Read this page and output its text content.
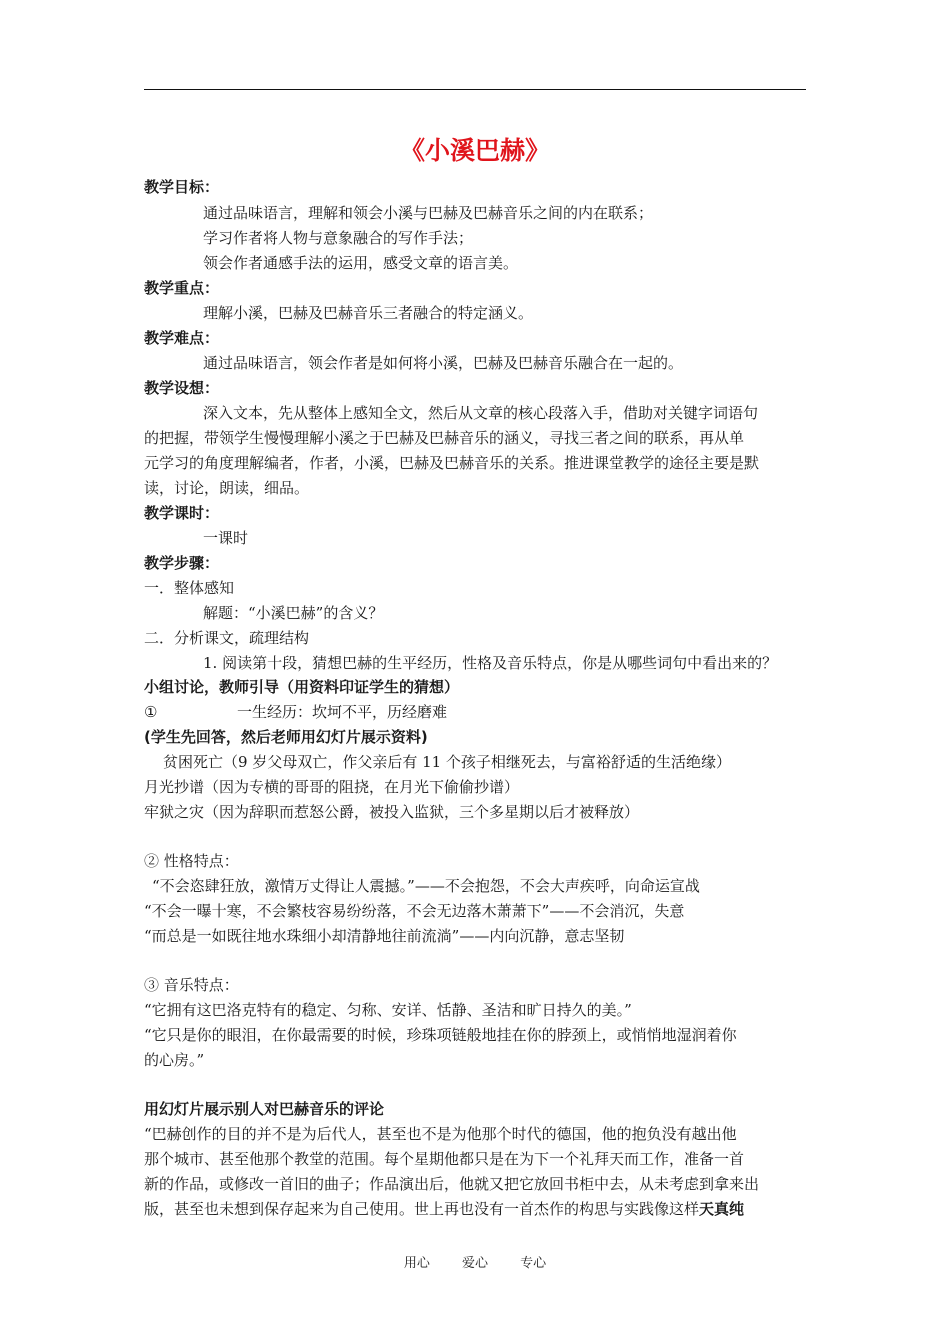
《小溪巴赫》
教学目标：
通过品味语言，理解和领会小溪与巴赫及巴赫音乐之间的内在联系；
学习作者将人物与意象融合的写作手法；
领会作者通感手法的运用，感受文章的语言美。
教学重点：
理解小溪，巴赫及巴赫音乐三者融合的特定涵义。
教学难点：
通过品味语言，领会作者是如何将小溪，巴赫及巴赫音乐融合在一起的。
教学设想：
深入文本，先从整体上感知全文，然后从文章的核心段落入手，借助对关键字词语句
的把握，带领学生慢慢理解小溪之于巴赫及巴赫音乐的涵义，寻找三者之间的联系，再从单
元学习的角度理解编者，作者，小溪，巴赫及巴赫音乐的关系。推进课堂教学的途径主要是默
读，讨论，朗读，细品。
教学课时：
一课时
教学步骤：
一．整体感知
解题：“小溪巴赫”的含义？
二．分析课文，疏理结构
1. 阅读第十段，猜想巴赫的生平经历，性格及音乐特点，你是从哪些词句中看出来的？
小组讨论，教师引导（用资料印证学生的猜想）
①	一生经历：坎坷不平，历经磨难
(学生先回答，然后老师用幻灯片展示资料)
贫困死亡（9 岁父母双亡，作父亲后有 11 个孩子相继死去，与富裕舒适的生活绝缘）
月光抄谱（因为专横的哥哥的阻挠，在月光下偷偷抄谱）
牢狱之灾（因为辞职而惹怒公爵，被投入监狱，三个多星期以后才被释放）
② 性格特点：
“不会恣肆狂放，激情万丈得让人震撼。”——不会抱怨，不会大声疾呼，向命运宣战
“不会一曝十寒，不会繁枝容易纷纷落，不会无边落木萧萧下”——不会消沉，失意
“而总是一如既往地水珠细小却清静地往前流淌”——内向沉静，意志坚韧
③ 音乐特点：
“它拥有这巴洛克特有的稳定、匀称、安详、恬静、圣洁和旷日持久的美。”
“它只是你的眼泪，在你最需要的时候，珍珠项链般地挂在你的脖颈上，或悄悄地湿润着你
的心房。”
用幻灯片展示别人对巴赫音乐的评论
“巴赫创作的目的并不是为后代人，甚至也不是为他那个时代的德国，他的抱负没有越出他
那个城市、甚至他那个教堂的范围。每个星期他都只是在为下一个礼拜天而工作，准备一首
新的作品，或修改一首旧的曲子；作品演出后，他就又把它放回书柜中去，从未考虑到拿来出
版，甚至也未想到保存起来为自己使用。世上再也没有一首杰作的构思与实践像这样天真纯
用心 爱心 专心
